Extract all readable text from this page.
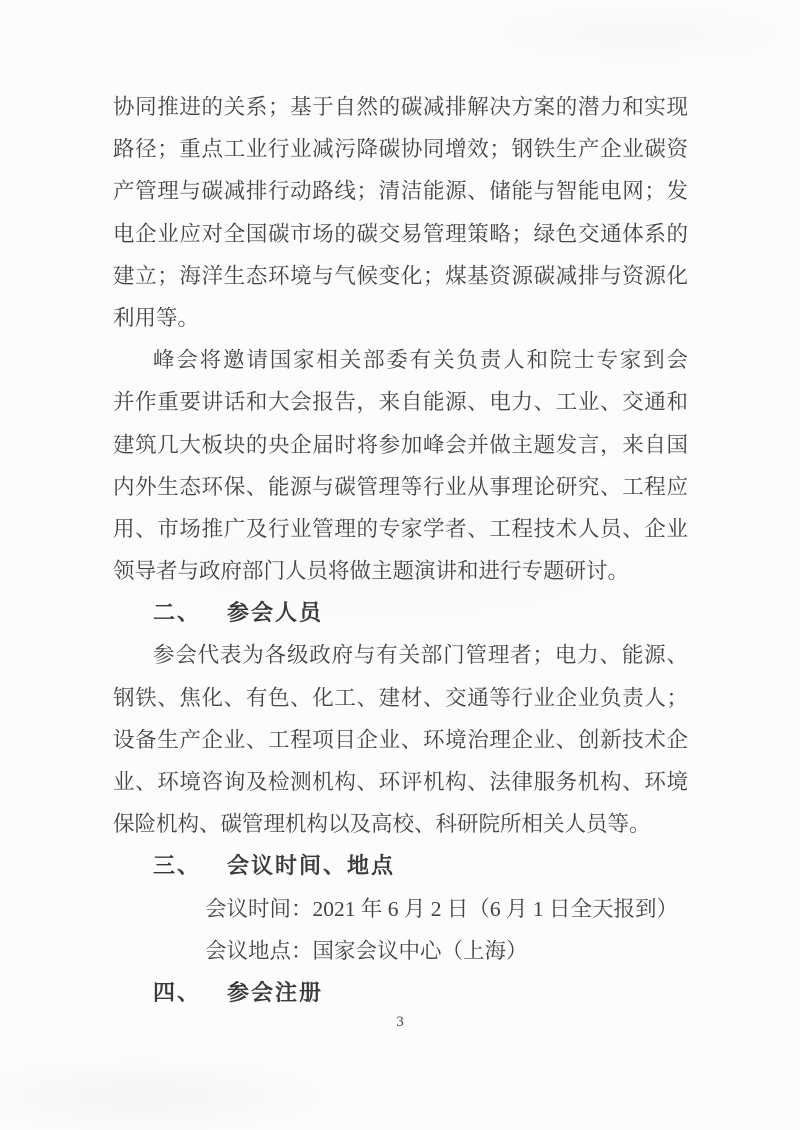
协同推进的关系；基于自然的碳减排解决方案的潜力和实现
路径；重点工业行业减污降碳协同增效；钢铁生产企业碳资
产管理与碳减排行动路线；清洁能源、储能与智能电网；发
电企业应对全国碳市场的碳交易管理策略；绿色交通体系的
建立；海洋生态环境与气候变化；煤基资源碳减排与资源化
利用等。
峰会将邀请国家相关部委有关负责人和院士专家到会
并作重要讲话和大会报告，来自能源、电力、工业、交通和
建筑几大板块的央企届时将参加峰会并做主题发言，来自国
内外生态环保、能源与碳管理等行业从事理论研究、工程应
用、市场推广及行业管理的专家学者、工程技术人员、企业
领导者与政府部门人员将做主题演讲和进行专题研讨。
二、 参会人员
参会代表为各级政府与有关部门管理者；电力、能源、
钢铁、焦化、有色、化工、建材、交通等行业企业负责人；
设备生产企业、工程项目企业、环境治理企业、创新技术企
业、环境咨询及检测机构、环评机构、法律服务机构、环境
保险机构、碳管理机构以及高校、科研院所相关人员等。
三、 会议时间、地点
会议时间：2021 年 6 月 2 日（6 月 1 日全天报到）
会议地点：国家会议中心（上海）
四、 参会注册
3
